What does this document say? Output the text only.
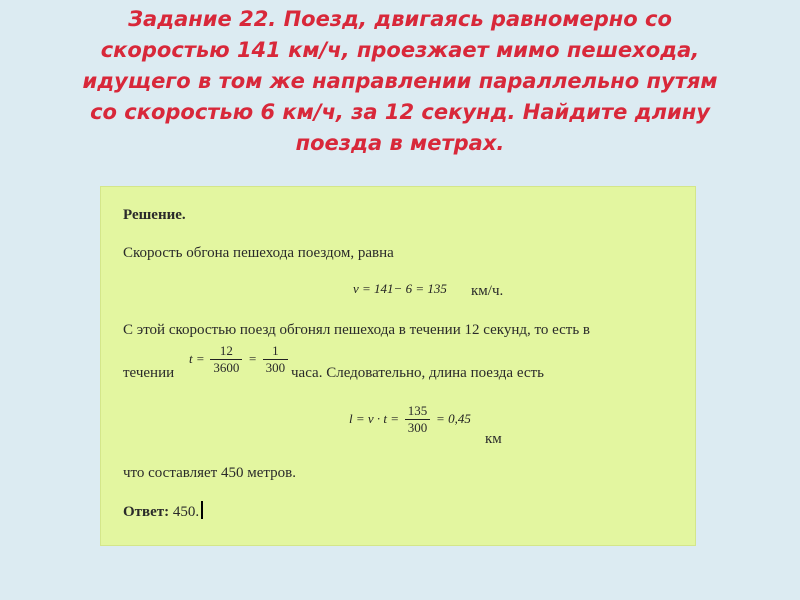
Задание 22. Поезд, двигаясь равномерно со
скоростью 141 км/ч, проезжает мимо пешехода,
идущего в том же направлении параллельно путям
со скоростью 6 км/ч, за 12 секунд. Найдите длину
поезда в метрах.
Решение.
Скорость обгона пешехода поездом, равна
v = 141− 6 = 135 км/ч.
С этой скоростью поезд обгонял пешехода в течении 12 секунд, то есть в
течении
$t = \frac{12}{3600} = \frac{1}{300}$ часа. Следовательно, длина поезда есть
$l = v \cdot t = \frac{135}{300} = 0,45$
км
что составляет 450 метров.
Ответ: 450.
